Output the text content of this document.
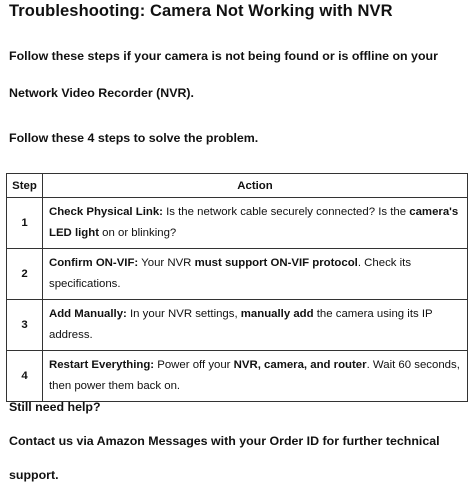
Troubleshooting: Camera Not Working with NVR
Follow these steps if your camera is not being found or is offline on your
Network Video Recorder (NVR).
Follow these 4 steps to solve the problem.
Step	Action
1	Check Physical Link: Is the network cable securely connected? Is the camera's LED light on or blinking?
2	Confirm ON-VIF: Your NVR must support ON-VIF protocol. Check its specifications.
3	Add Manually: In your NVR settings, manually add the camera using its IP address.
4	Restart Everything: Power off your NVR, camera, and router. Wait 60 seconds, then power them back on.
Still need help?
Contact us via Amazon Messages with your Order ID for further technical
support.
